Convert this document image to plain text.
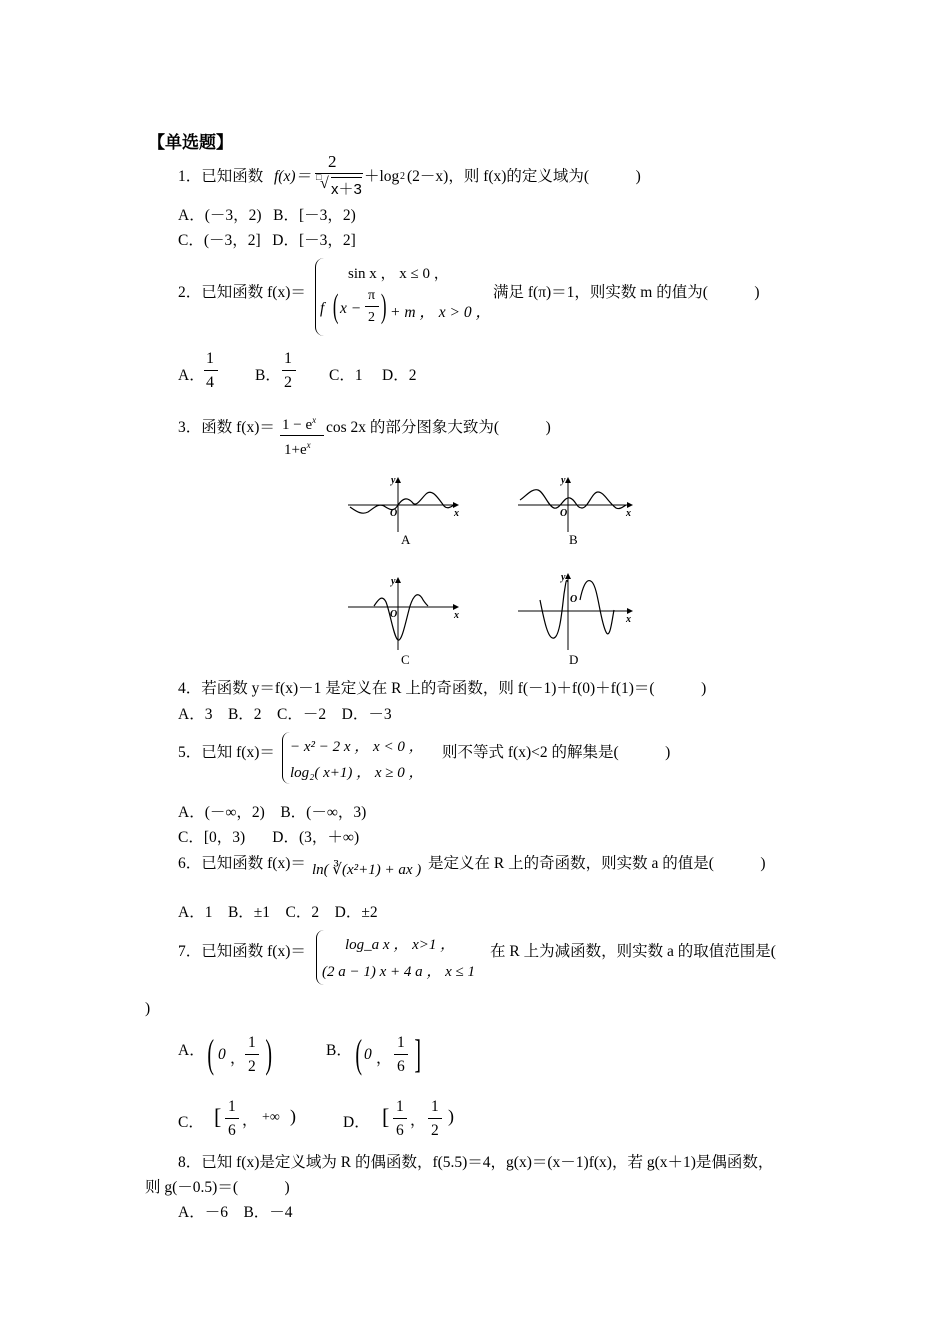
【单选题】
1．已知函数 f(x)＝
2
□
√ x＋3
＋log 2 (2－x)，则 f(x)的定义域为(　　　)
A．(－3，2) B．[－3，2)
C．(－3，2] D．[－3，2]
2．已知函数 f(x)＝
sin x ， x ≤ 0 ，
f ( x −
π
2 ) + m ， x > 0 ，
满足 f(π)＝1，则实数 m 的值为(　　　)
A．
1
4	B．
1
2 C．1 D．2
3．函数 $f(x)= 1 - e^x$
$1+e^x$
cos 2x 的部分图象大致为(　　　)
y
x
O
A
y
x
O
B
y
x
O
C
y
x
O
D
4．若函数 y＝f(x)－1 是定义在 R 上的奇函数，则 f(－1)＋f(0)＋f(1)＝(　　　)
A．3　B．2　C．－2　D．－3
5．已知 f(x)＝ − x² − 2 x ， x < 0 ，
log₂( x+1) ， x ≥ 0 ，
则不等式 f(x)<2 的解集是(　　　)
A．(－∞，2) B．(－∞，3)
C．[0，3) D．(3，＋∞)
6．已知函数 f(x)＝ ln( ∛(x²+1) + ax ) 是定义在 R 上的奇函数，则实数 a 的值是(　　　)
A．1　B．±1　C．2　D．±2
7．已知函数 f(x)＝	log_a x ， x>1 ，
(2 a − 1) x + 4 a ， x ≤ 1
在 R 上为减函数，则实数 a 的取值范围是(
)
A． ( 0 ，
1
2 )	B． ( 0 ，
1
6 ]
C． [ 1
6
， +∞ )	D． [ 1
6
，
1
2
)
8．已知 f(x)是定义域为 R 的偶函数，f(5.5)＝4，g(x)＝(x－1)f(x)，若 g(x＋1)是偶函数，
则 g(－0.5)＝(　　　)
A．－6　B．－4
